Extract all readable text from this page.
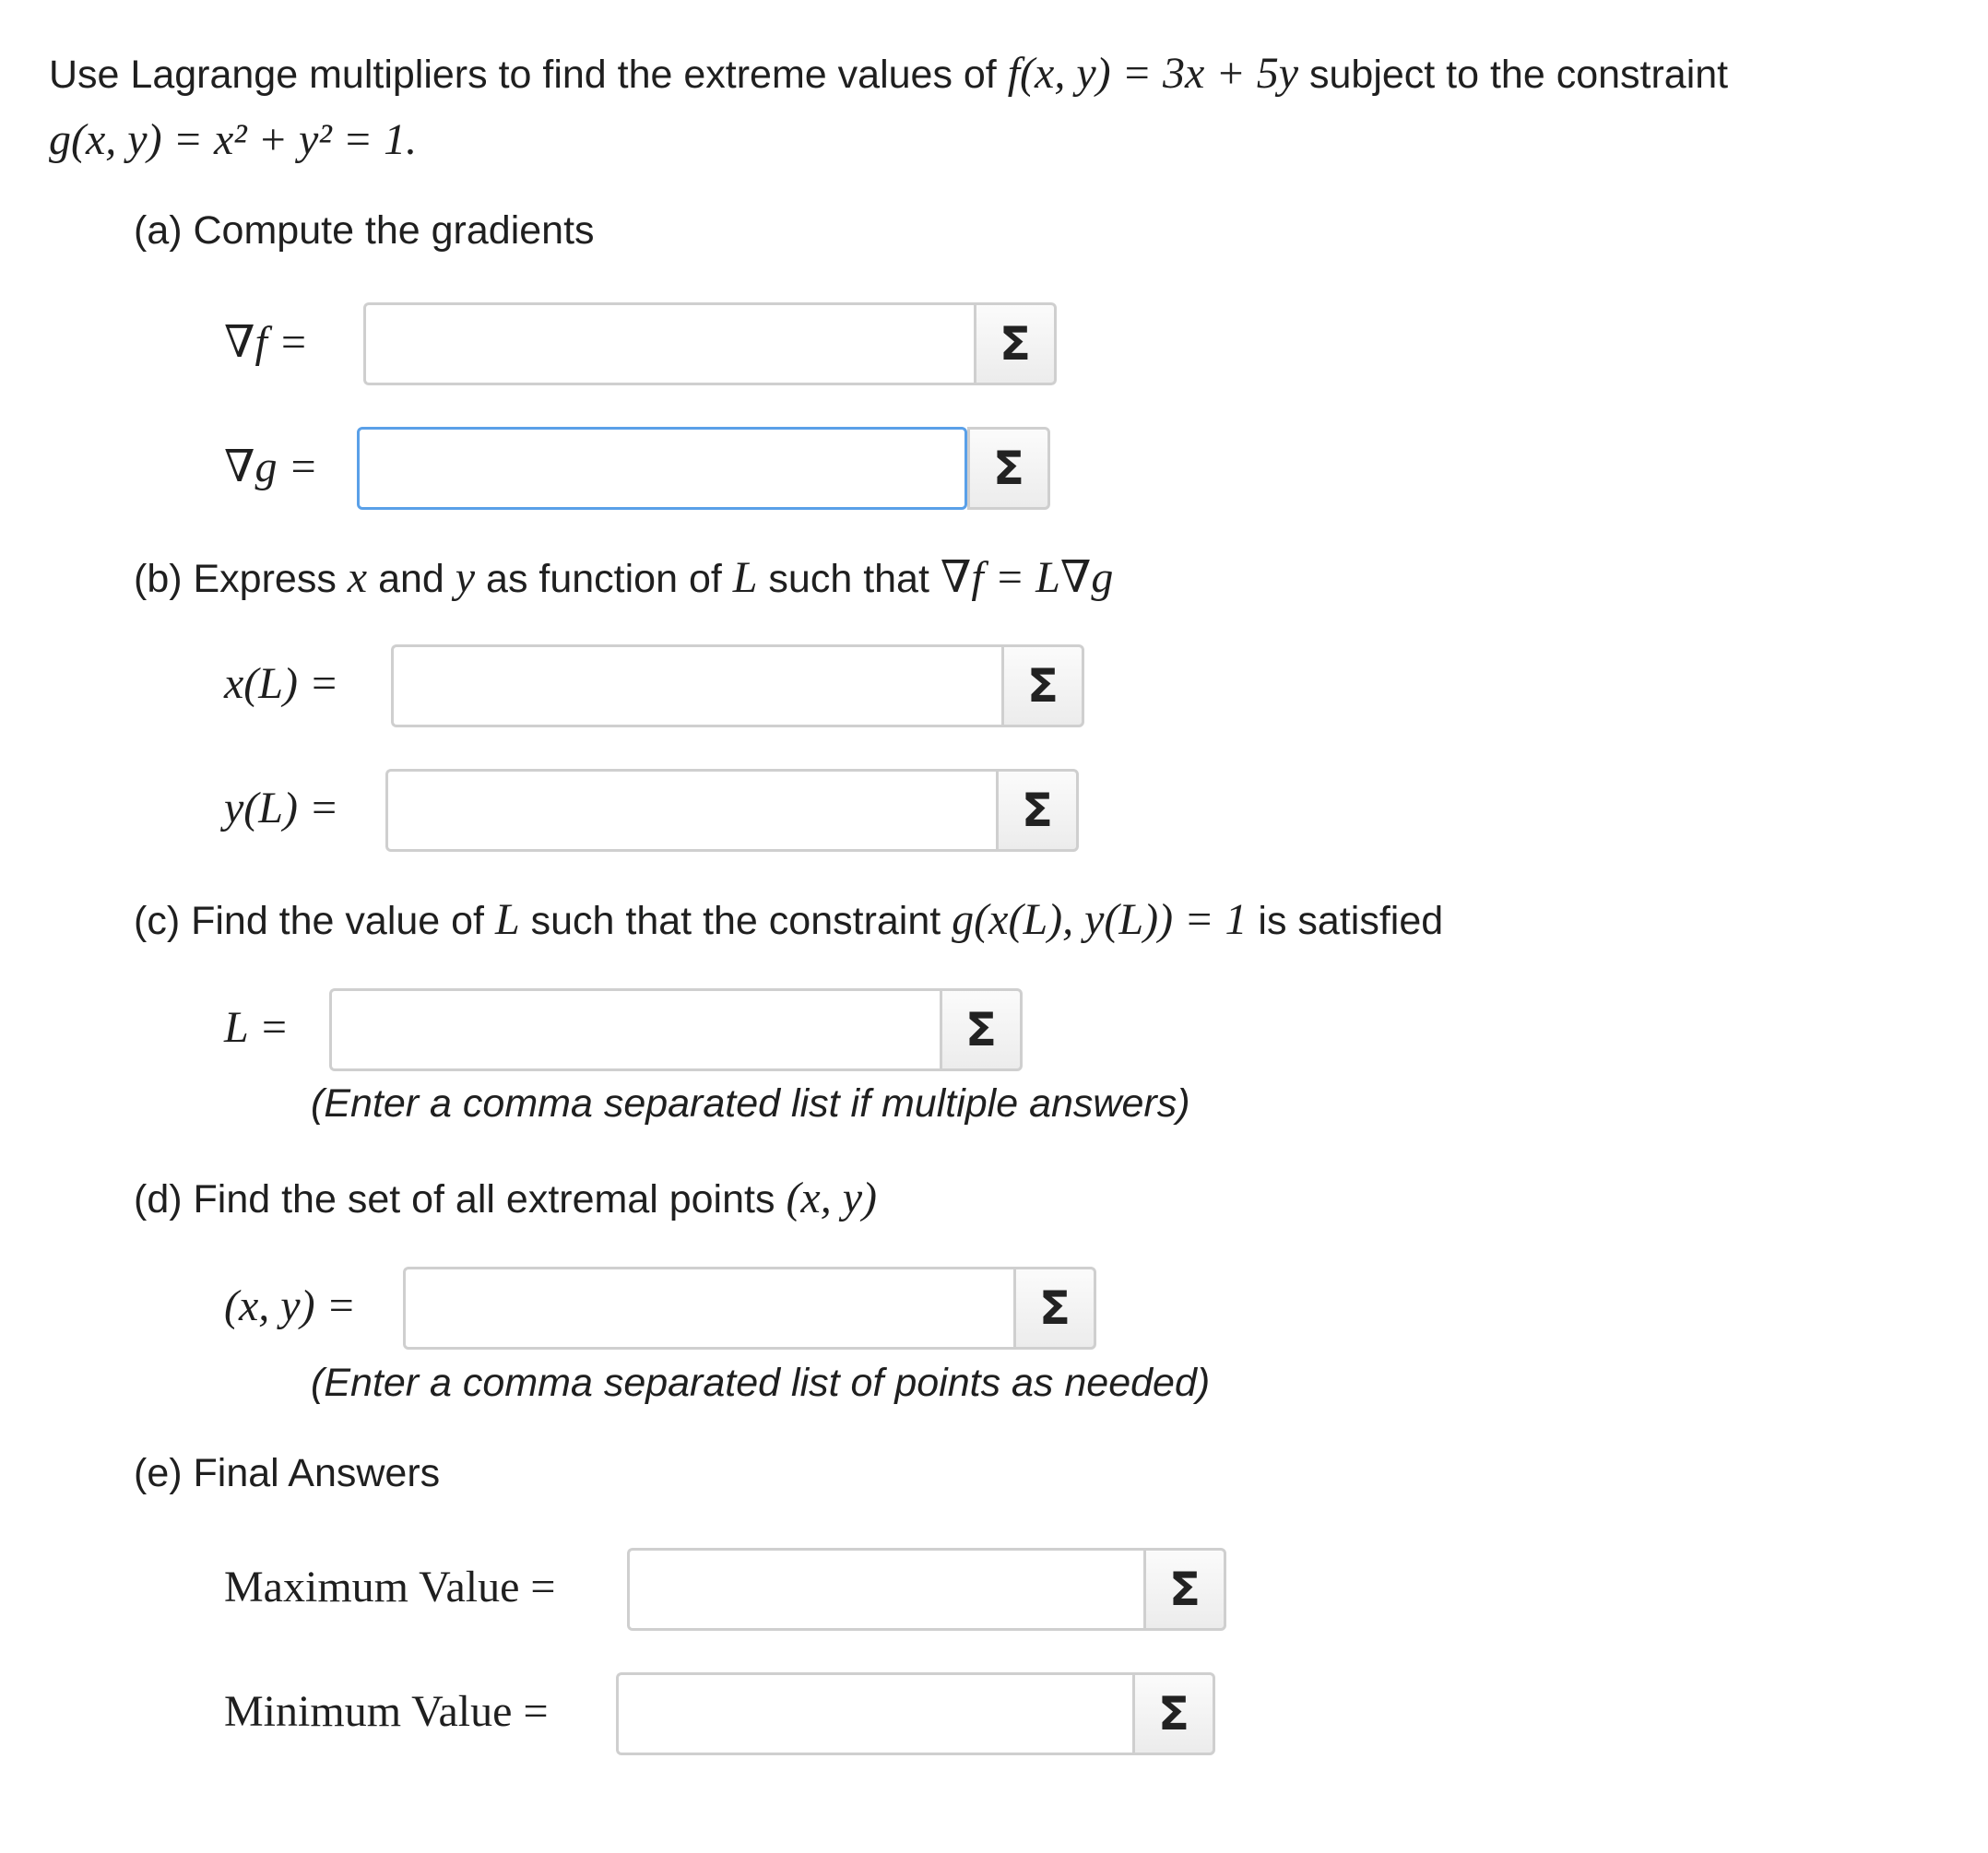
Use Lagrange multipliers to find the extreme values of f(x, y) = 3x + 5y subject to the constraint
g(x, y) = x² + y² = 1.
(a) Compute the gradients
∇f =	Σ
∇g =	Σ
(b) Express x and y as function of L such that ∇f = L∇g
x(L) =	Σ
y(L) =	Σ
(c) Find the value of L such that the constraint g(x(L), y(L)) = 1 is satisfied
L =	Σ
(Enter a comma separated list if multiple answers)
(d) Find the set of all extremal points (x, y)
(x, y) =	Σ
(Enter a comma separated list of points as needed)
(e) Final Answers
Maximum Value =	Σ
Minimum Value =	Σ
